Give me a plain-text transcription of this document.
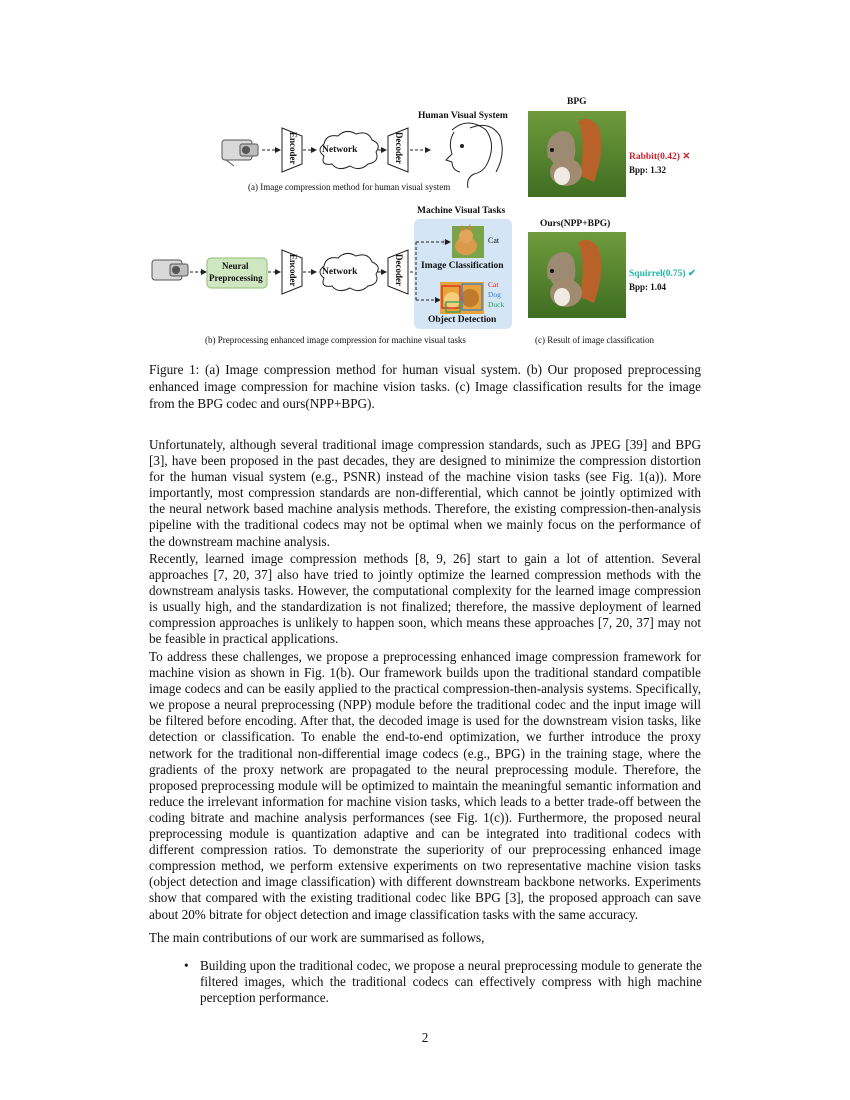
Human Visual System
Encoder	Network	Decoder
(a) Image compression method for human visual system
Machine Visual Tasks
Neural
Preprocessing	Encoder	Network	Decoder
Cat
Image Classification
Cat
Dog
Duck
Object Detection
(b) Preprocessing enhanced image compression for machine visual tasks
BPG
Rabbit(0.42) ✕
Bpp: 1.32
Ours(NPP+BPG)
Squirrel(0.75) ✔
Bpp: 1.04
(c) Result of image classification
Figure 1: (a) Image compression method for human visual system. (b) Our proposed preprocessing enhanced image compression for machine vision tasks. (c) Image classification results for the image from the BPG codec and ours(NPP+BPG).

Unfortunately, although several traditional image compression standards, such as JPEG [39] and BPG [3], have been proposed in the past decades, they are designed to minimize the compression distortion for the human visual system (e.g., PSNR) instead of the machine vision tasks (see Fig. 1(a)). More importantly, most compression standards are non-differential, which cannot be jointly optimized with the neural network based machine analysis methods. Therefore, the existing compression-then-analysis pipeline with the traditional codecs may not be optimal when we mainly focus on the performance of the downstream machine analysis.

Recently, learned image compression methods [8, 9, 26] start to gain a lot of attention. Several approaches [7, 20, 37] also have tried to jointly optimize the learned compression methods with the downstream analysis tasks. However, the computational complexity for the learned image compression is usually high, and the standardization is not finalized; therefore, the massive deployment of learned compression approaches is unlikely to happen soon, which means these approaches [7, 20, 37] may not be feasible in practical applications.

To address these challenges, we propose a preprocessing enhanced image compression framework for machine vision as shown in Fig. 1(b). Our framework builds upon the traditional standard compatible image codecs and can be easily applied to the practical compression-then-analysis systems. Specifically, we propose a neural preprocessing (NPP) module before the traditional codec and the input image will be filtered before encoding. After that, the decoded image is used for the downstream vision tasks, like detection or classification. To enable the end-to-end optimization, we further introduce the proxy network for the traditional non-differential image codecs (e.g., BPG) in the training stage, where the gradients of the proxy network are propagated to the neural preprocessing module. Therefore, the proposed preprocessing module will be optimized to maintain the meaningful semantic information and reduce the irrelevant information for machine vision tasks, which leads to a better trade-off between the coding bitrate and machine analysis performances (see Fig. 1(c)). Furthermore, the proposed neural preprocessing module is quantization adaptive and can be integrated into traditional codecs with different compression ratios. To demonstrate the superiority of our preprocessing enhanced image compression method, we perform extensive experiments on two representative machine vision tasks (object detection and image classification) with different downstream backbone networks. Experiments show that compared with the existing traditional codec like BPG [3], the proposed approach can save about 20% bitrate for object detection and image classification tasks with the same accuracy.

The main contributions of our work are summarised as follows,

• Building upon the traditional codec, we propose a neural preprocessing module to generate the filtered images, which the traditional codecs can effectively compress with high machine perception performance.
2
